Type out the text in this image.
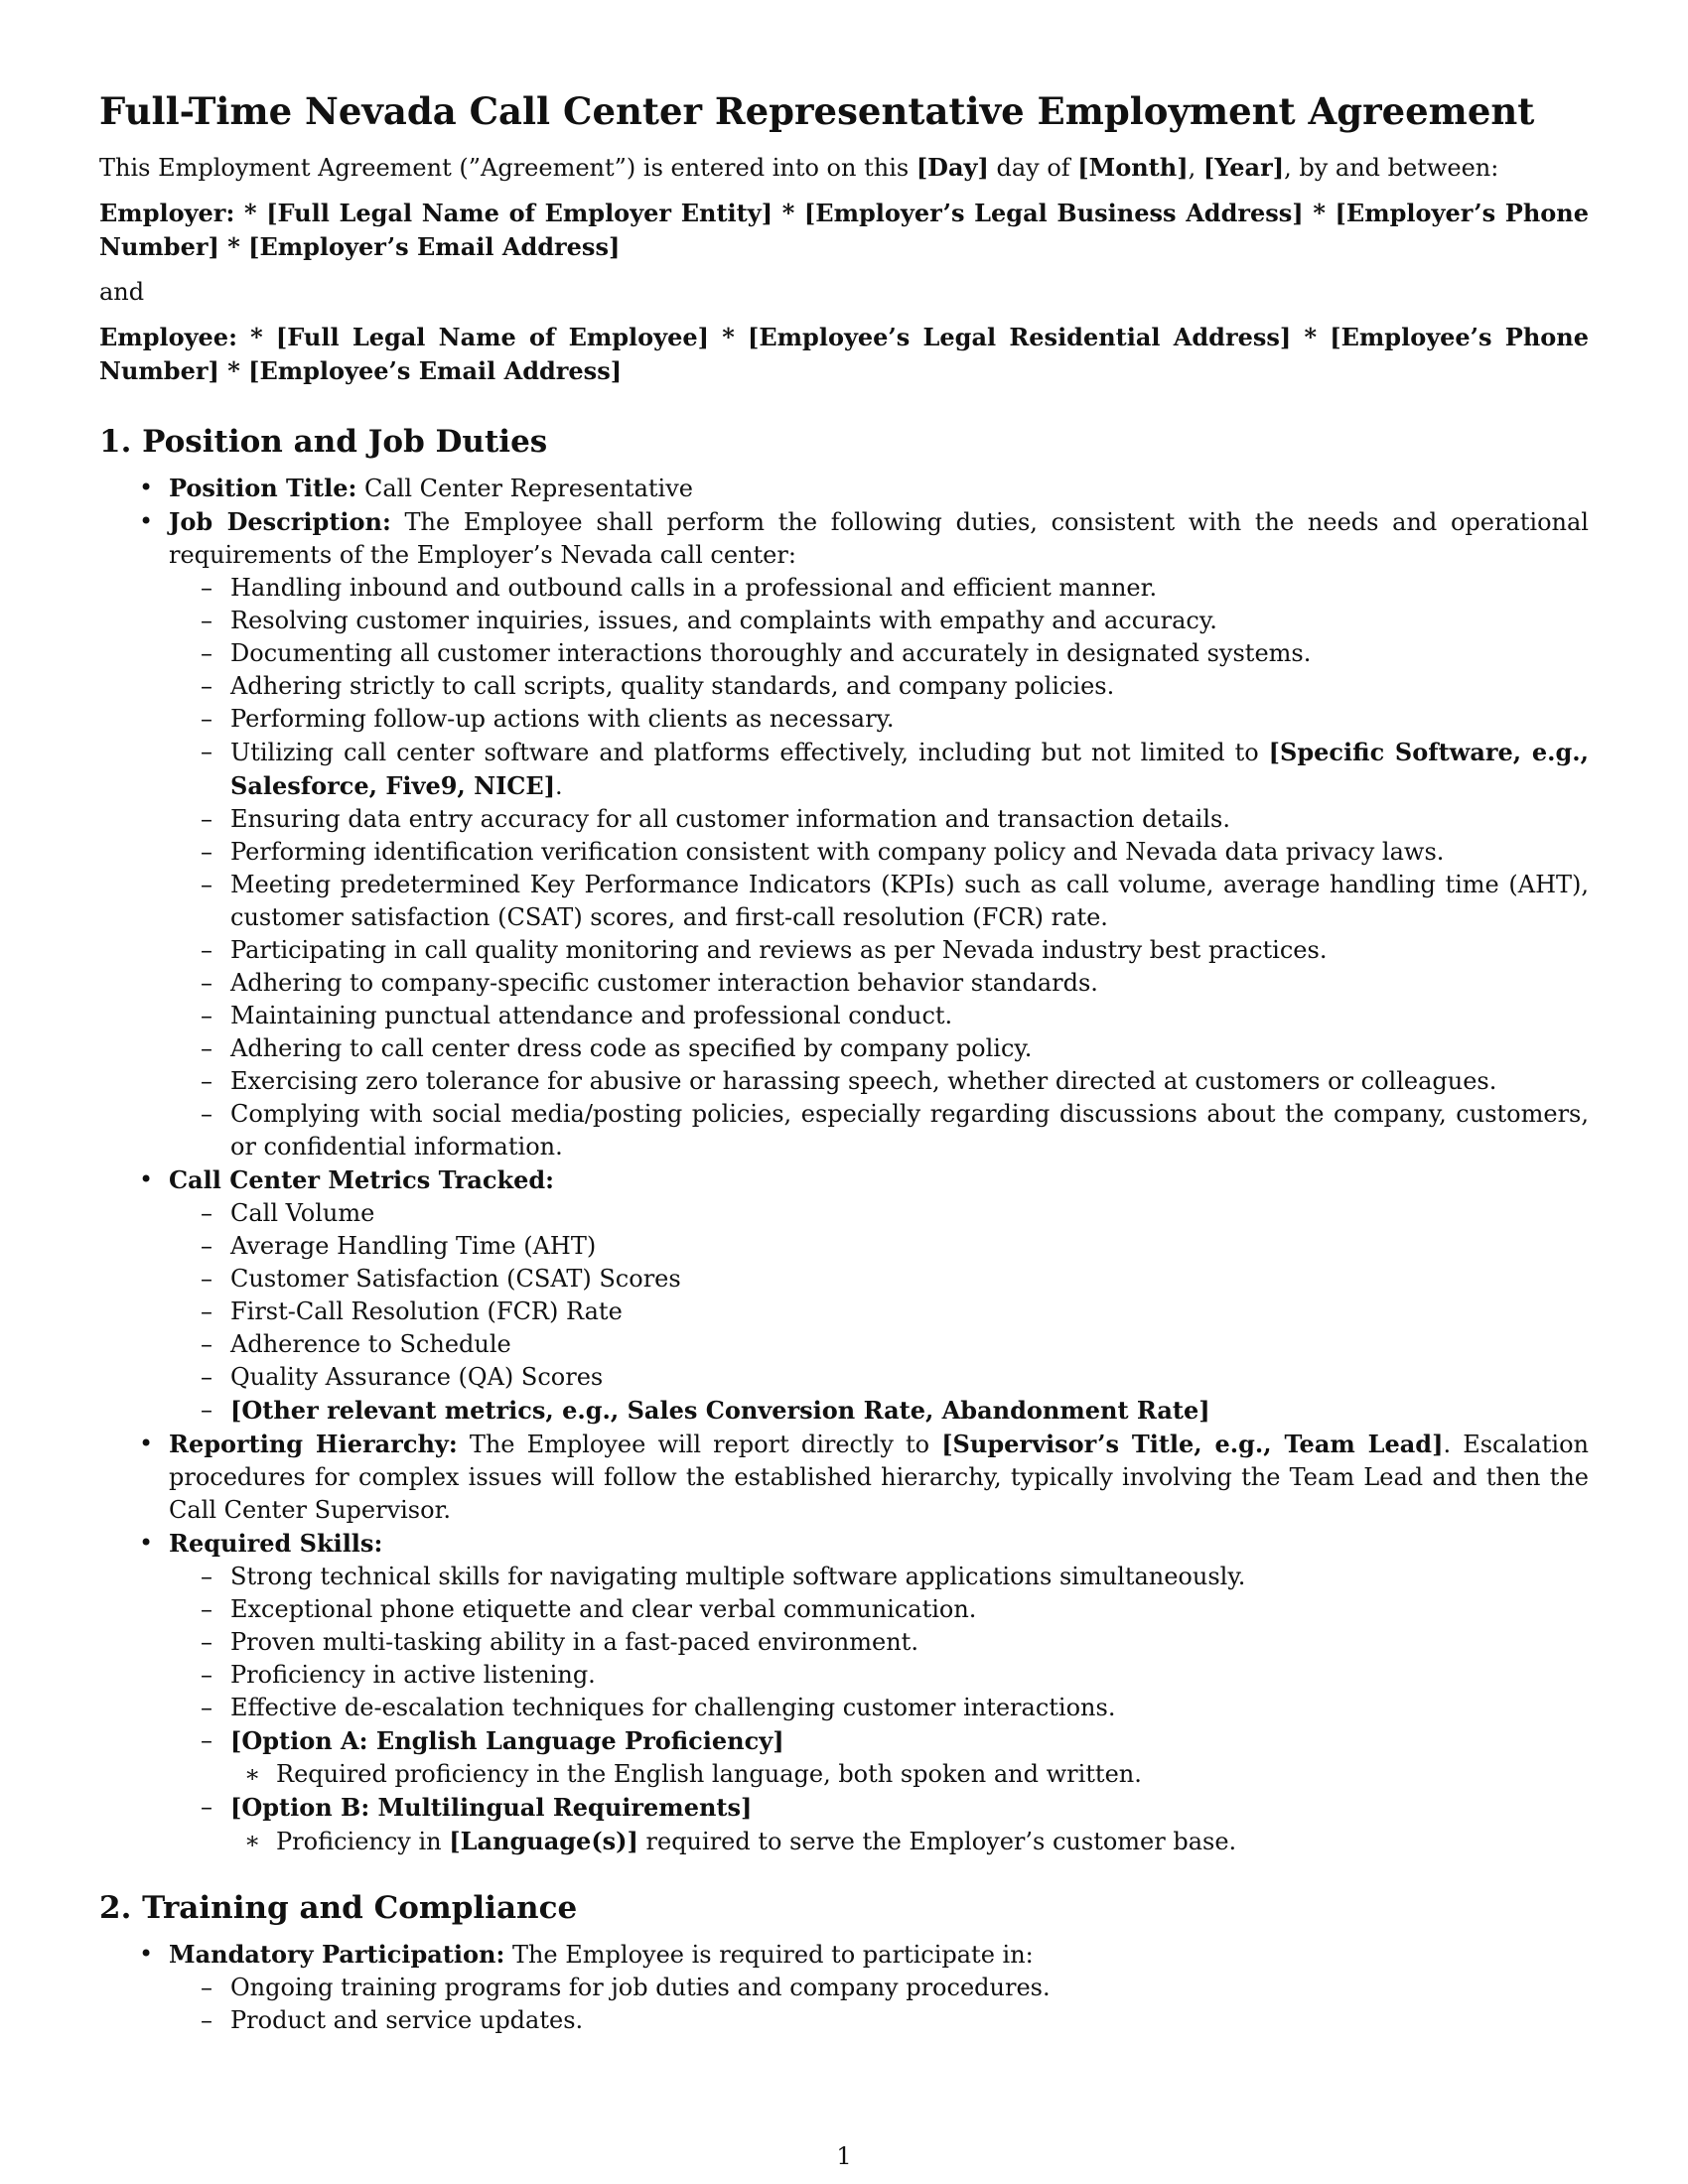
Full-Time Nevada Call Center Representative Employment Agreement

This Employment Agreement (”Agreement”) is entered into on this [Day] day of [Month], [Year], by and between:

Employer: * [Full Legal Name of Employer Entity] * [Employer’s Legal Business Address] * [Employer’s Phone Number] * [Employer’s Email Address]

and

Employee: * [Full Legal Name of Employee] * [Employee’s Legal Residential Address] * [Employee’s Phone Number] * [Employee’s Email Address]

1. Position and Job Duties
• Position Title: Call Center Representative
• Job Description: The Employee shall perform the following duties, consistent with the needs and operational requirements of the Employer’s Nevada call center:
– Handling inbound and outbound calls in a professional and efficient manner.
– Resolving customer inquiries, issues, and complaints with empathy and accuracy.
– Documenting all customer interactions thoroughly and accurately in designated systems.
– Adhering strictly to call scripts, quality standards, and company policies.
– Performing follow-up actions with clients as necessary.
– Utilizing call center software and platforms effectively, including but not limited to [Specific Software, e.g., Salesforce, Five9, NICE].
– Ensuring data entry accuracy for all customer information and transaction details.
– Performing identification verification consistent with company policy and Nevada data privacy laws.
– Meeting predetermined Key Performance Indicators (KPIs) such as call volume, average handling time (AHT), customer satisfaction (CSAT) scores, and first-call resolution (FCR) rate.
– Participating in call quality monitoring and reviews as per Nevada industry best practices.
– Adhering to company-specific customer interaction behavior standards.
– Maintaining punctual attendance and professional conduct.
– Adhering to call center dress code as specified by company policy.
– Exercising zero tolerance for abusive or harassing speech, whether directed at customers or colleagues.
– Complying with social media/posting policies, especially regarding discussions about the company, customers, or confidential information.
• Call Center Metrics Tracked:
– Call Volume
– Average Handling Time (AHT)
– Customer Satisfaction (CSAT) Scores
– First-Call Resolution (FCR) Rate
– Adherence to Schedule
– Quality Assurance (QA) Scores
– [Other relevant metrics, e.g., Sales Conversion Rate, Abandonment Rate]
• Reporting Hierarchy: The Employee will report directly to [Supervisor’s Title, e.g., Team Lead]. Escalation procedures for complex issues will follow the established hierarchy, typically involving the Team Lead and then the Call Center Supervisor.
• Required Skills:
– Strong technical skills for navigating multiple software applications simultaneously.
– Exceptional phone etiquette and clear verbal communication.
– Proven multi-tasking ability in a fast-paced environment.
– Proficiency in active listening.
– Effective de-escalation techniques for challenging customer interactions.
– [Option A: English Language Proficiency]
∗ Required proficiency in the English language, both spoken and written.
– [Option B: Multilingual Requirements]
∗ Proficiency in [Language(s)] required to serve the Employer’s customer base.
2. Training and Compliance
• Mandatory Participation: The Employee is required to participate in:
– Ongoing training programs for job duties and company procedures.
– Product and service updates.
1
